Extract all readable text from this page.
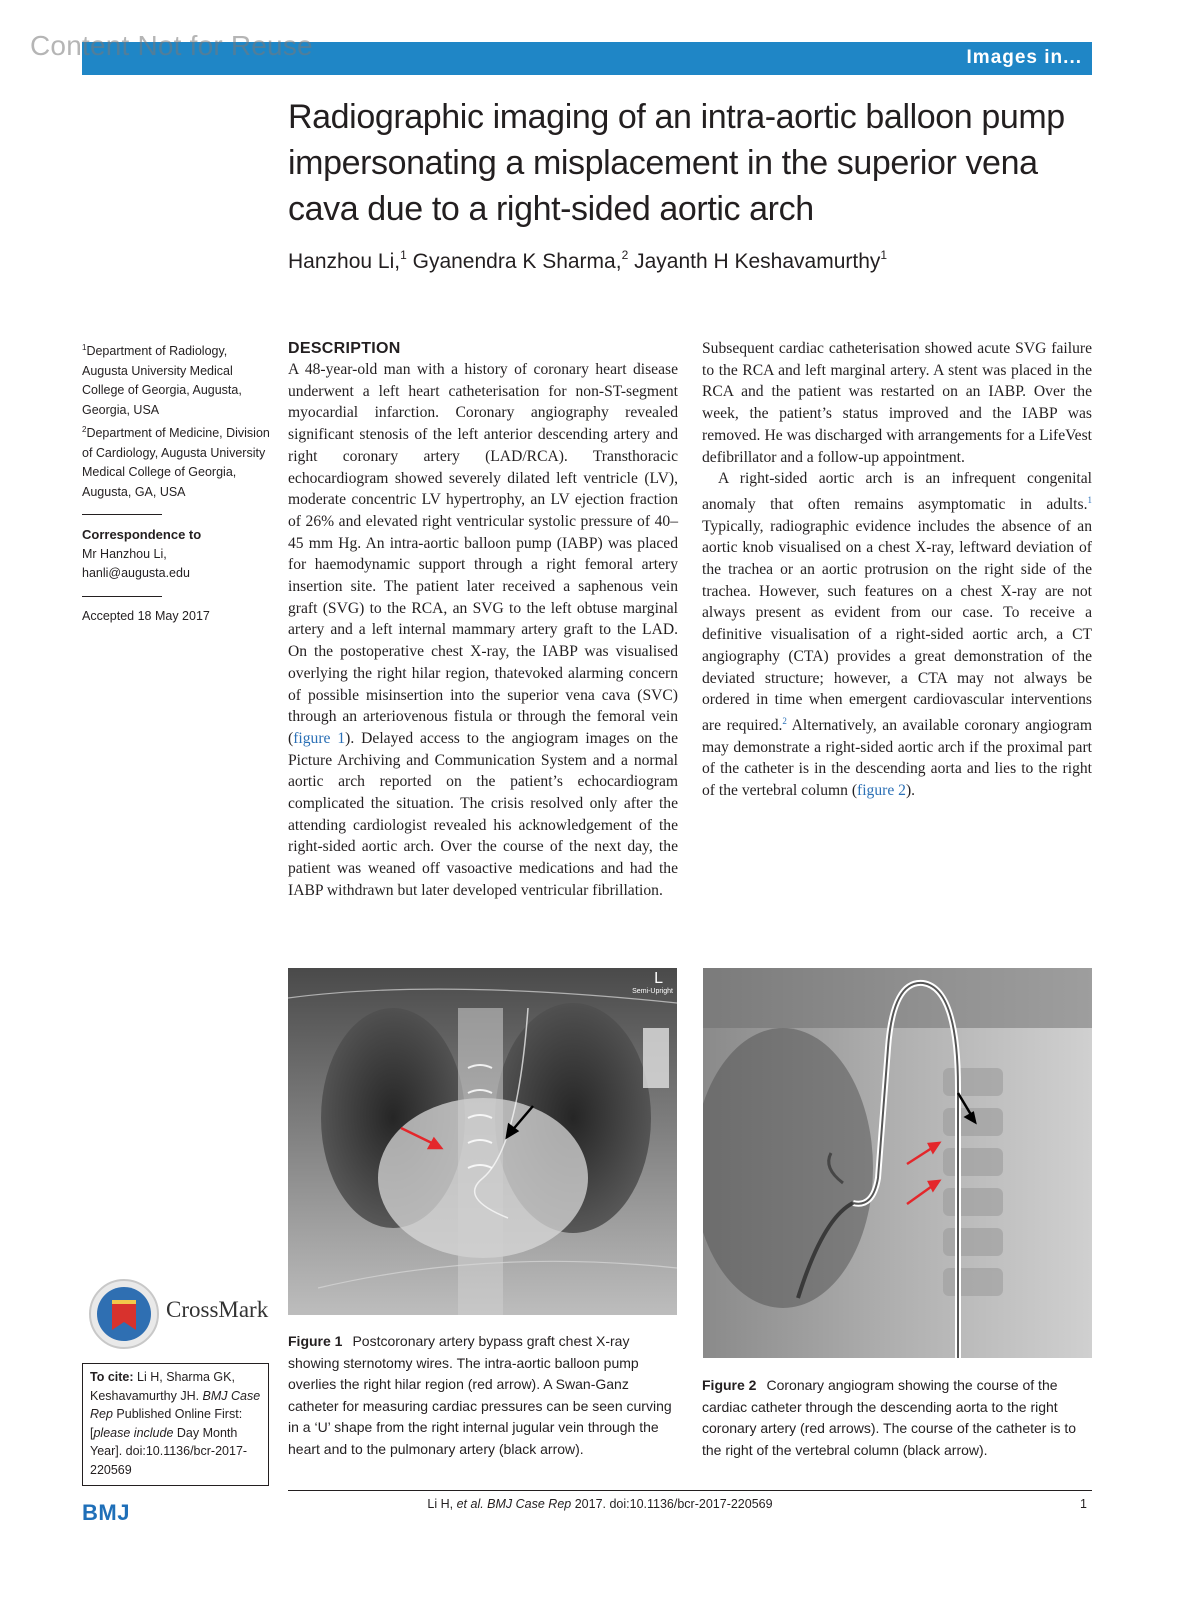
Content Not for Reuse	Images in...
Radiographic imaging of an intra-aortic balloon pump impersonating a misplacement in the superior vena cava due to a right-sided aortic arch
Hanzhou Li,$^1$ Gyanendra K Sharma,$^2$ Jayanth H Keshavamurthy$^1$

$^1$Department of Radiology, Augusta University Medical College of Georgia, Augusta, Georgia, USA

$^2$Department of Medicine, Division of Cardiology, Augusta University Medical College of Georgia, Augusta, GA, USA

Correspondence to
Mr Hanzhou Li,
hanli@augusta.edu
Accepted 18 May 2017
DESCRIPTION

A 48-year-old man with a history of coronary heart disease underwent a left heart catheterisation for non-ST-segment myocardial infarction. Coronary angiography revealed significant stenosis of the left anterior descending artery and right coronary artery (LAD/RCA). Transthoracic echocardiogram showed severely dilated left ventricle (LV), moderate concentric LV hypertrophy, an LV ejection fraction of 26% and elevated right ventricular systolic pressure of 40–45 mm Hg. An intra-aortic balloon pump (IABP) was placed for haemodynamic support through a right femoral artery insertion site. The patient later received a saphenous vein graft (SVG) to the RCA, an SVG to the left obtuse marginal artery and a left internal mammary artery graft to the LAD. On the postoperative chest X-ray, the IABP was visualised overlying the right hilar region, thatevoked alarming concern of possible misinsertion into the superior vena cava (SVC) through an arteriovenous fistula or through the femoral vein (figure 1). Delayed access to the angiogram images on the Picture Archiving and Communication System and a normal aortic arch reported on the patient’s echocardiogram complicated the situation. The crisis resolved only after the attending cardiologist revealed his acknowledgement of the right-sided aortic arch. Over the course of the next day, the patient was weaned off vasoactive medications and had the IABP withdrawn but later developed ventricular fibrillation.

Subsequent cardiac catheterisation showed acute SVG failure to the RCA and left marginal artery. A stent was placed in the RCA and the patient was restarted on an IABP. Over the week, the patient’s status improved and the IABP was removed. He was discharged with arrangements for a LifeVest defibrillator and a follow-up appointment.

A right-sided aortic arch is an infrequent congenital anomaly that often remains asymptomatic in adults.$^1$ Typically, radiographic evidence includes the absence of an aortic knob visualised on a chest X-ray, leftward deviation of the trachea or an aortic protrusion on the right side of the trachea. However, such features on a chest X-ray are not always present as evident from our case. To receive a definitive visualisation of a right-sided aortic arch, a CT angiography (CTA) provides a great demonstration of the deviated structure; however, a CTA may not always be ordered in time when emergent cardiovascular interventions are required.$^2$ Alternatively, an available coronary angiogram may demonstrate a right-sided aortic arch if the proximal part of the catheter is in the descending aorta and lies to the right of the vertebral column (figure 2).

L
Semi-Upright
Figure 1 Postcoronary artery bypass graft chest X-ray showing sternotomy wires. The intra-aortic balloon pump overlies the right hilar region (red arrow). A Swan-Ganz catheter for measuring cardiac pressures can be seen curving in a ‘U’ shape from the right internal jugular vein through the heart and to the pulmonary artery (black arrow).
Figure 2 Coronary angiogram showing the course of the cardiac catheter through the descending aorta to the right coronary artery (red arrows). The course of the catheter is to the right of the vertebral column (black arrow).
CrossMark
To cite: Li H, Sharma GK, Keshavamurthy JH. BMJ Case Rep Published Online First: [please include Day Month Year]. doi:10.1136/bcr-2017-220569
BMJ	Li H, et al. BMJ Case Rep 2017. doi:10.1136/bcr-2017-220569	1
